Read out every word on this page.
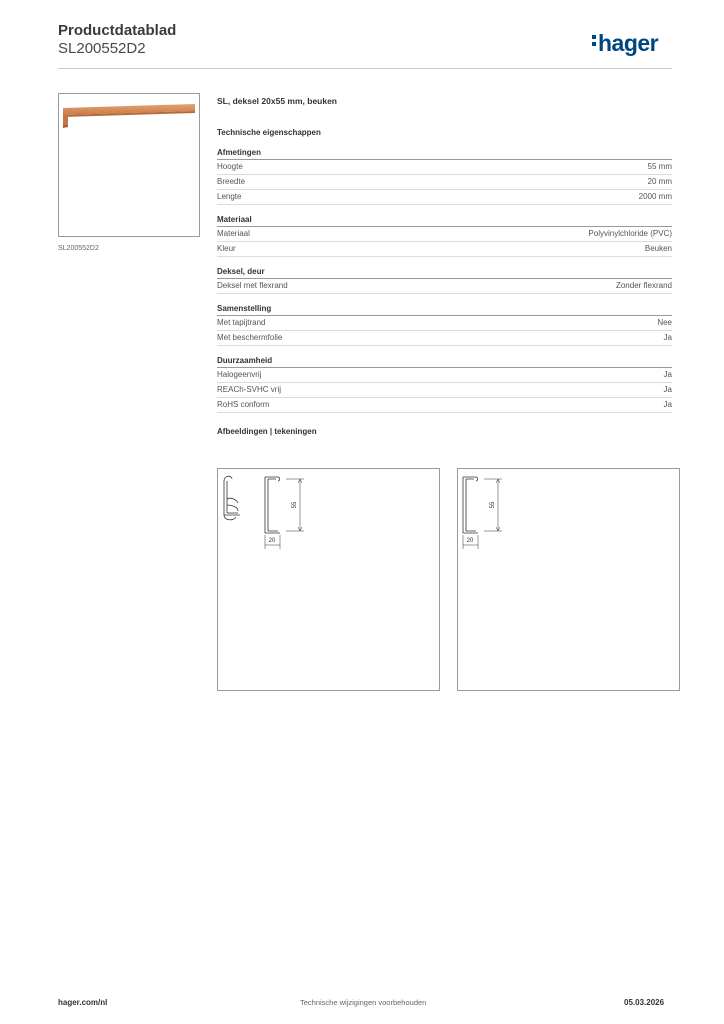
Productdatablad
SL200552D2	hager
SL200552D2
SL, deksel 20x55 mm, beuken
Technische eigenschappen
Afmetingen
Hoogte	55 mm
Breedte	20 mm
Lengte	2000 mm
Materiaal
Materiaal	Polyvinylchloride (PVC)
Kleur	Beuken
Deksel, deur
Deksel met flexrand	Zonder flexrand
Samenstelling
Met tapijtrand	Nee
Met beschermfolie	Ja
Duurzaamheid
Halogeenvrij	Ja
REACh-SVHC vrij	Ja
RoHS conform	Ja
Afbeeldingen | tekeningen
55
20
55
20
hager.com/nl	Technische wijzigingen voorbehouden	05.03.2026
